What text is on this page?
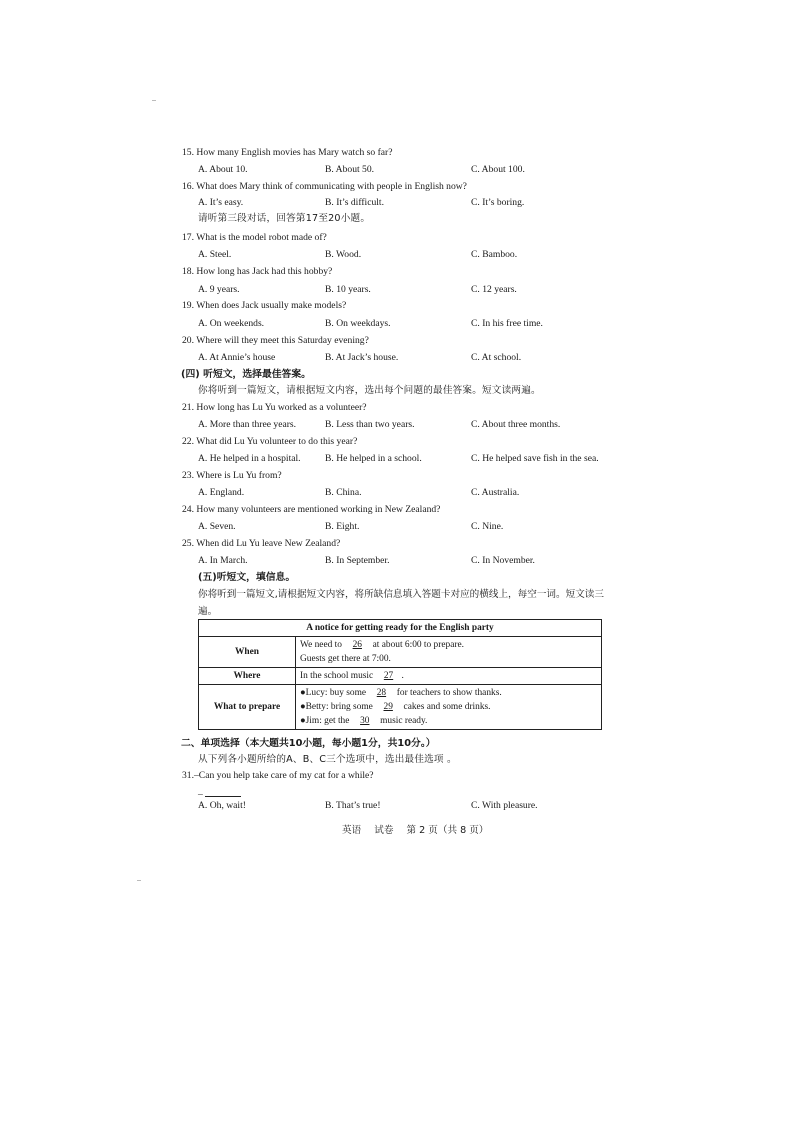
15. How many English movies has Mary watch so far?
A. About 10.	B. About 50.	C. About 100.
16. What does Mary think of communicating with people in English now?
A. It’s easy.	B. It’s difficult.	C. It’s boring.
请听第三段对话，回答第17至20小题。
17. What is the model robot made of?
A. Steel.	B. Wood.	C. Bamboo.
18. How long has Jack had this hobby?
A. 9 years.	B. 10 years.	C. 12 years.
19. When does Jack usually make models?
A. On weekends.	B. On weekdays.	C. In his free time.
20. Where will they meet this Saturday evening?
A. At Annie’s house	B. At Jack’s house.	C. At school.
(四) 听短文，选择最佳答案。
你将听到一篇短文，请根据短文内容，选出每个问题的最佳答案。短文读两遍。
21. How long has Lu Yu worked as a volunteer?
A. More than three years.	B. Less than two years.	C. About three months.
22. What did Lu Yu volunteer to do this year?
A. He helped in a hospital.	B. He helped in a school.	C. He helped save fish in the sea.
23. Where is Lu Yu from?
A. England.	B. China.	C. Australia.
24. How many volunteers are mentioned working in New Zealand?
A. Seven.	B. Eight.	C. Nine.
25. When did Lu Yu leave New Zealand?
A. In March.	B. In September.	C. In November.
(五)听短文，填信息。
你将听到一篇短文,请根据短文内容，将所缺信息填入答题卡对应的横线上，每空一词。短文读三遍。
A notice for getting ready for the English party	
When	We need to 26 at about 6:00 to prepare.
Guests get there at 7:00.

Where	In the school music 27 .
What to prepare	●Lucy: buy some 28 for teachers to show thanks.
●Betty: bring some 29 cakes and some drinks.
●Jim: get the 30 music ready.
二、单项选择（本大题共10小题，每小题1分，共10分。）
从下列各小题所给的A、B、C三个选项中，选出最佳选项 。
31.–Can you help take care of my cat for a while?
–
A. Oh, wait!	B. That’s true!	C. With pleasure.
英语 试卷 第 2 页（共 8 页）
